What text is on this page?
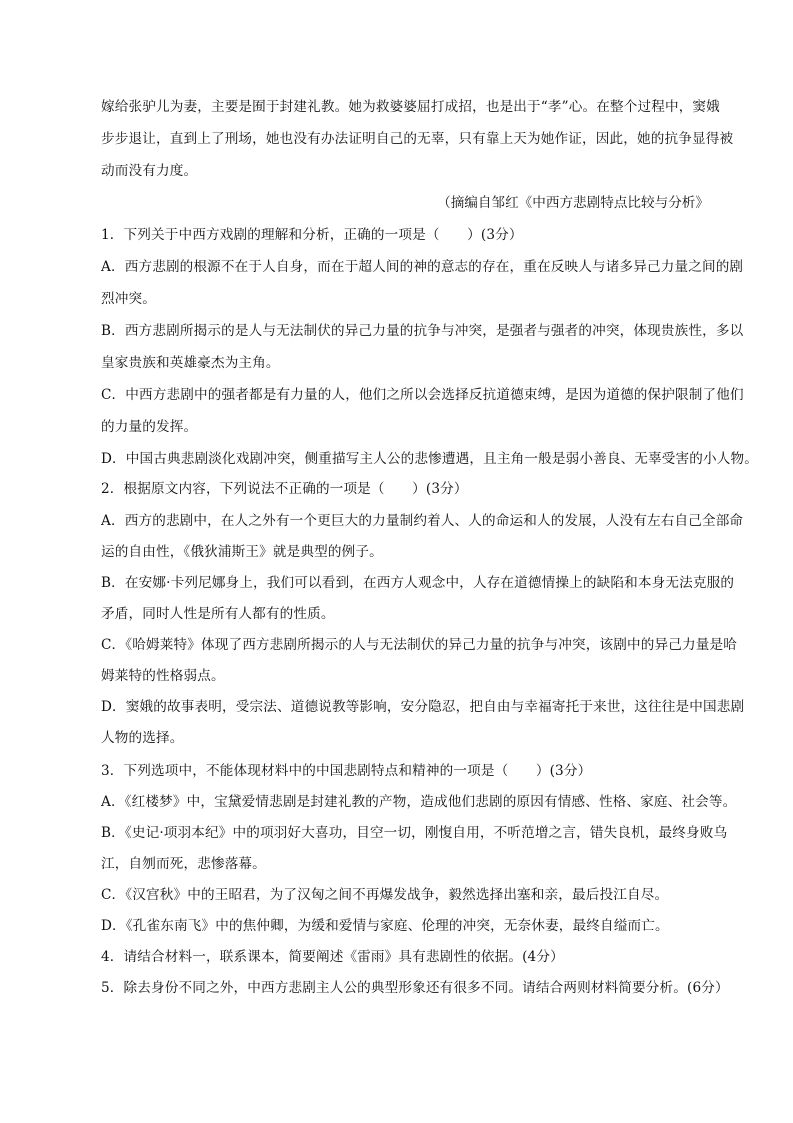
嫁给张驴儿为妻，主要是囿于封建礼教。她为救婆婆屈打成招，也是出于“孝”心。在整个过程中，窦娥
步步退让，直到上了刑场，她也没有办法证明自己的无辜，只有靠上天为她作证，因此，她的抗争显得被
动而没有力度。
（摘编自邹红《中西方悲剧特点比较与分析》
1．下列关于中西方戏剧的理解和分析，正确的一项是（　　）(3分）
A．西方悲剧的根源不在于人自身，而在于超人间的神的意志的存在，重在反映人与诸多异己力量之间的剧
烈冲突。
B．西方悲剧所揭示的是人与无法制伏的异己力量的抗争与冲突，是强者与强者的冲突，体现贵族性，多以
皇家贵族和英雄豪杰为主角。
C．中西方悲剧中的强者都是有力量的人，他们之所以会选择反抗道德束缚，是因为道德的保护限制了他们
的力量的发挥。
D．中国古典悲剧淡化戏剧冲突，侧重描写主人公的悲惨遭遇，且主角一般是弱小善良、无辜受害的小人物。
2．根据原文内容，下列说法不正确的一项是（　　）(3分）
A．西方的悲剧中，在人之外有一个更巨大的力量制约着人、人的命运和人的发展，人没有左右自己全部命
运的自由性，《俄狄浦斯王》就是典型的例子。
B．在安娜·卡列尼娜身上，我们可以看到，在西方人观念中，人存在道德情操上的缺陷和本身无法克服的
矛盾，同时人性是所有人都有的性质。
C．《哈姆莱特》体现了西方悲剧所揭示的人与无法制伏的异己力量的抗争与冲突，该剧中的异己力量是哈
姆莱特的性格弱点。
D．窦娥的故事表明，受宗法、道德说教等影响，安分隐忍，把自由与幸福寄托于来世，这往往是中国悲剧
人物的选择。
3．下列选项中，不能体现材料中的中国悲剧特点和精神的一项是（　　）(3分）
A．《红楼梦》中，宝黛爱情悲剧是封建礼教的产物，造成他们悲剧的原因有情感、性格、家庭、社会等。
B．《史记·项羽本纪》中的项羽好大喜功，目空一切，刚愎自用，不听范增之言，错失良机，最终身败乌
江，自刎而死，悲惨落幕。
C．《汉宫秋》中的王昭君，为了汉匈之间不再爆发战争，毅然选择出塞和亲，最后投江自尽。
D．《孔雀东南飞》中的焦仲卿，为缓和爱情与家庭、伦理的冲突，无奈休妻，最终自缢而亡。
4．请结合材料一，联系课本，简要阐述《雷雨》具有悲剧性的依据。(4分）
5．除去身份不同之外，中西方悲剧主人公的典型形象还有很多不同。请结合两则材料简要分析。(6分）
